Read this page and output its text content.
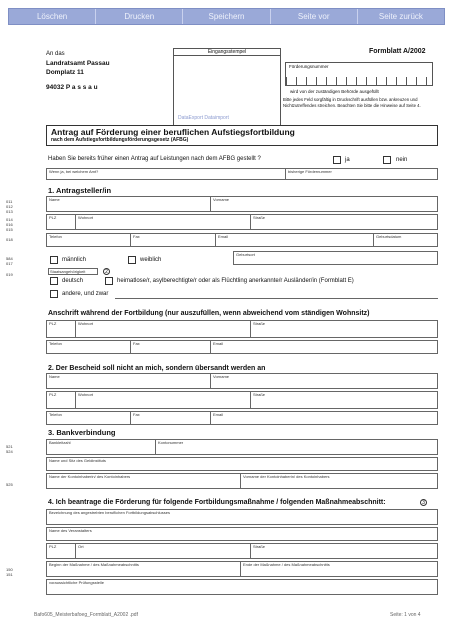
Löschen	Drucken	Speichern	Seite vor	Seite zurück
An das
Landratsamt Passau
Domplatz 11
94032 P a s s a u
Eingangsstempel
DataExport Dataimport
Formblatt A/2002
Förderungsnummer
wird von der zuständigen Behörde ausgefüllt
Bitte jedes Feld sorgfältig in Druckschrift ausfüllen bzw. ankreuzen und Nichtzutreffendes streichen. Beachten Sie bitte die Hinweise auf Seite 4.
Antrag auf Förderung einer beruflichen Aufstiegsfortbildung
nach dem Aufstiegsfortbildungsförderungsgesetz (AFBG)
Haben Sie bereits früher einen Antrag auf Leistungen nach dem AFBG gestellt ?	ja	nein
Wenn ja, bei welchem Amt?	bisherige Fördernummer
1. Antragsteller/in
Name	Vorname
011
012
013
PLZ	Wohnort	Straße
014
016
015
Telefon	Fax	Email	Geburtsdatum
018
Geburtsort
männlich	weiblich
584
017
Staatsangehörigkeit	2
019
deutsch	heimatlose/r, asylberechtigte/r oder als Flüchtling anerkannte/r Ausländer/in (Formblatt E)
andere, und zwar
Anschrift während der Fortbildung (nur auszufüllen, wenn abweichend vom ständigen Wohnsitz)
PLZ	Wohnort	Straße
Telefon	Fax	Email
2. Der Bescheid soll nicht an mich, sondern übersandt werden an
Name	Vorname
PLZ	Wohnort	Straße
Telefon	Fax	Email
3. Bankverbindung
Bankleitzahl	Kontonummer
521
524
Name und Sitz des Geldinstituts
Name der Kontoinhaberin/ des Kontoinhabers	Vorname der Kontoinhaberin/ des Kontoinhabers
525
4. Ich beantrage die Förderung für folgende Fortbildungsmaßnahme / folgenden Maßnahmeabschnitt:	3
Bezeichnung des angestrebten beruflichen Fortbildungsabschlusses
Name des Veranstalters
PLZ	Ort	Straße
Beginn der Maßnahme / des Maßnahmeabschnitts	Ende der Maßnahme / des Maßnahmeabschnitts
150
151
voraussichtliche Prüfungsstelle
Bafo605_Meisterbafoeg_Formblatt_A2002 .pdf	Seite: 1 von 4
